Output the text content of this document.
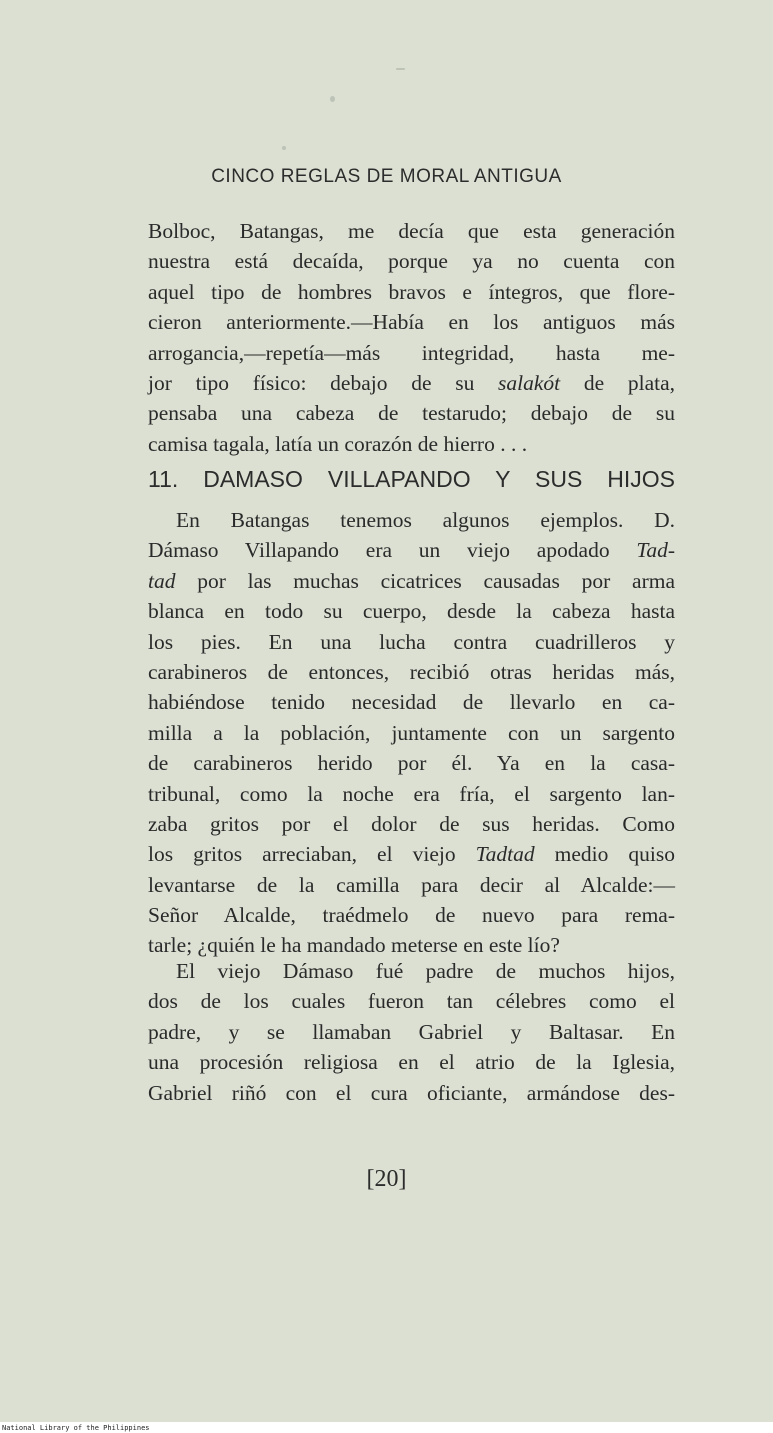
CINCO REGLAS DE MORAL ANTIGUA
Bolboc, Batangas, me decía que esta generación
nuestra está decaída, porque ya no cuenta con
aquel tipo de hombres bravos e íntegros, que flore-
cieron anteriormente.—Había en los antiguos más
arrogancia,—repetía—más integridad, hasta me-
jor tipo físico: debajo de su salakót de plata,
pensaba una cabeza de testarudo; debajo de su
camisa tagala, latía un corazón de hierro . . .
11. DAMASO VILLAPANDO Y SUS HIJOS
En Batangas tenemos algunos ejemplos. D.
Dámaso Villapando era un viejo apodado Tad-
tad por las muchas cicatrices causadas por arma
blanca en todo su cuerpo, desde la cabeza hasta
los pies. En una lucha contra cuadrilleros y
carabineros de entonces, recibió otras heridas más,
habiéndose tenido necesidad de llevarlo en ca-
milla a la población, juntamente con un sargento
de carabineros herido por él. Ya en la casa-
tribunal, como la noche era fría, el sargento lan-
zaba gritos por el dolor de sus heridas. Como
los gritos arreciaban, el viejo Tadtad medio quiso
levantarse de la camilla para decir al Alcalde:—
Señor Alcalde, traédmelo de nuevo para rema-
tarle; ¿quién le ha mandado meterse en este lío?
El viejo Dámaso fué padre de muchos hijos,
dos de los cuales fueron tan célebres como el
padre, y se llamaban Gabriel y Baltasar. En
una procesión religiosa en el atrio de la Iglesia,
Gabriel riñó con el cura oficiante, armándose des-
[20]
National Library of the Philippines
